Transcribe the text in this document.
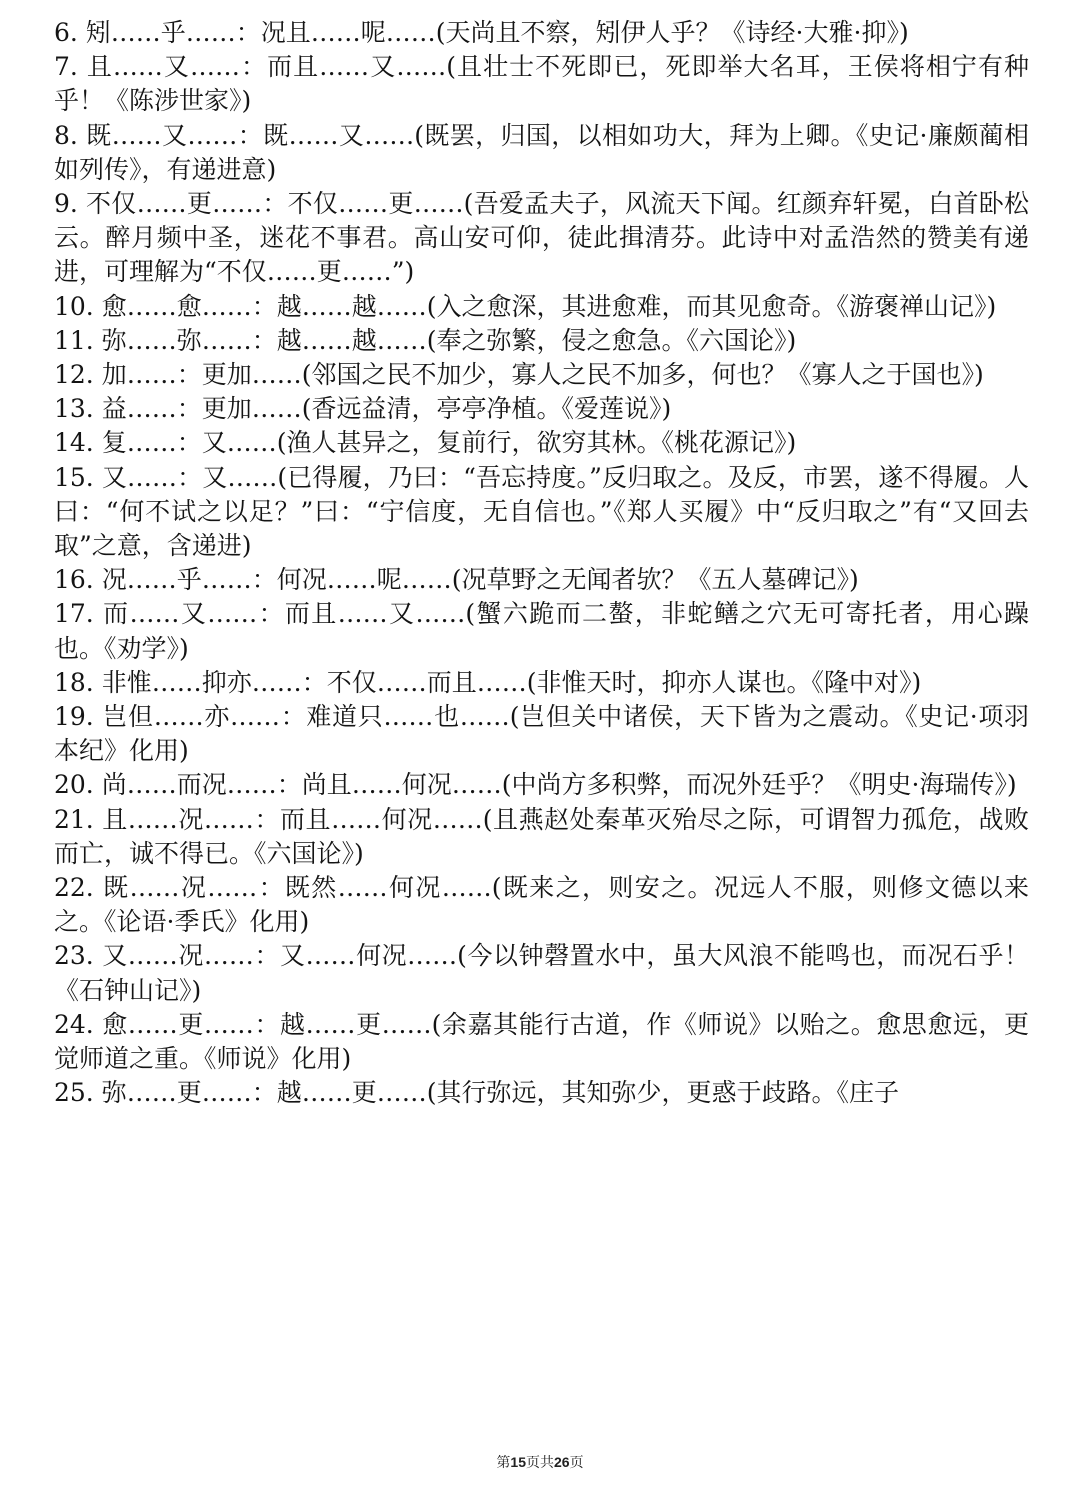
6. 矧……乎……：况且……呢……(天尚且不察，矧伊人乎？《诗经·大雅·抑》)

7. 且……又……：而且……又……(且壮士不死即已，死即举大名耳，王侯将相宁有种乎！《陈涉世家》)

8. 既……又……：既……又……(既罢，归国，以相如功大，拜为上卿。《史记·廉颇蔺相如列传》，有递进意)

9. 不仅……更……：不仅……更……(吾爱孟夫子，风流天下闻。红颜弃轩冕，白首卧松云。醉月频中圣，迷花不事君。高山安可仰，徒此揖清芬。此诗中对孟浩然的赞美有递进，可理解为“不仅……更……”)

10. 愈……愈……：越……越……(入之愈深，其进愈难，而其见愈奇。《游褒禅山记》)

11. 弥……弥……：越……越……(奉之弥繁，侵之愈急。《六国论》)

12. 加……：更加……(邻国之民不加少，寡人之民不加多，何也？《寡人之于国也》)

13. 益……：更加……(香远益清，亭亭净植。《爱莲说》)

14. 复……：又……(渔人甚异之，复前行，欲穷其林。《桃花源记》)

15. 又……：又……(已得履，乃曰：“吾忘持度。”反归取之。及反，市罢，遂不得履。人曰：“何不试之以足？”曰：“宁信度，无自信也。”《郑人买履》中“反归取之”有“又回去取”之意，含递进)

16. 况……乎……：何况……呢……(况草野之无闻者欤？《五人墓碑记》)

17. 而……又……：而且……又……(蟹六跪而二螯，非蛇鳝之穴无可寄托者，用心躁也。《劝学》)

18. 非惟……抑亦……：不仅……而且……(非惟天时，抑亦人谋也。《隆中对》)

19. 岂但……亦……：难道只……也……(岂但关中诸侯，天下皆为之震动。《史记·项羽本纪》化用)

20. 尚……而况……：尚且……何况……(中尚方多积弊，而况外廷乎？《明史·海瑞传》)

21. 且……况……：而且……何况……(且燕赵处秦革灭殆尽之际，可谓智力孤危，战败而亡，诚不得已。《六国论》)

22. 既……况……：既然……何况……(既来之，则安之。况远人不服，则修文德以来之。《论语·季氏》化用)

23. 又……况……：又……何况……(今以钟磬置水中，虽大风浪不能鸣也，而况石乎！《石钟山记》)

24. 愈……更……：越……更……(余嘉其能行古道，作《师说》以贻之。愈思愈远，更觉师道之重。《师说》化用)

25. 弥……更……：越……更……(其行弥远，其知弥少，更惑于歧路。《庄子

第15页共26页
